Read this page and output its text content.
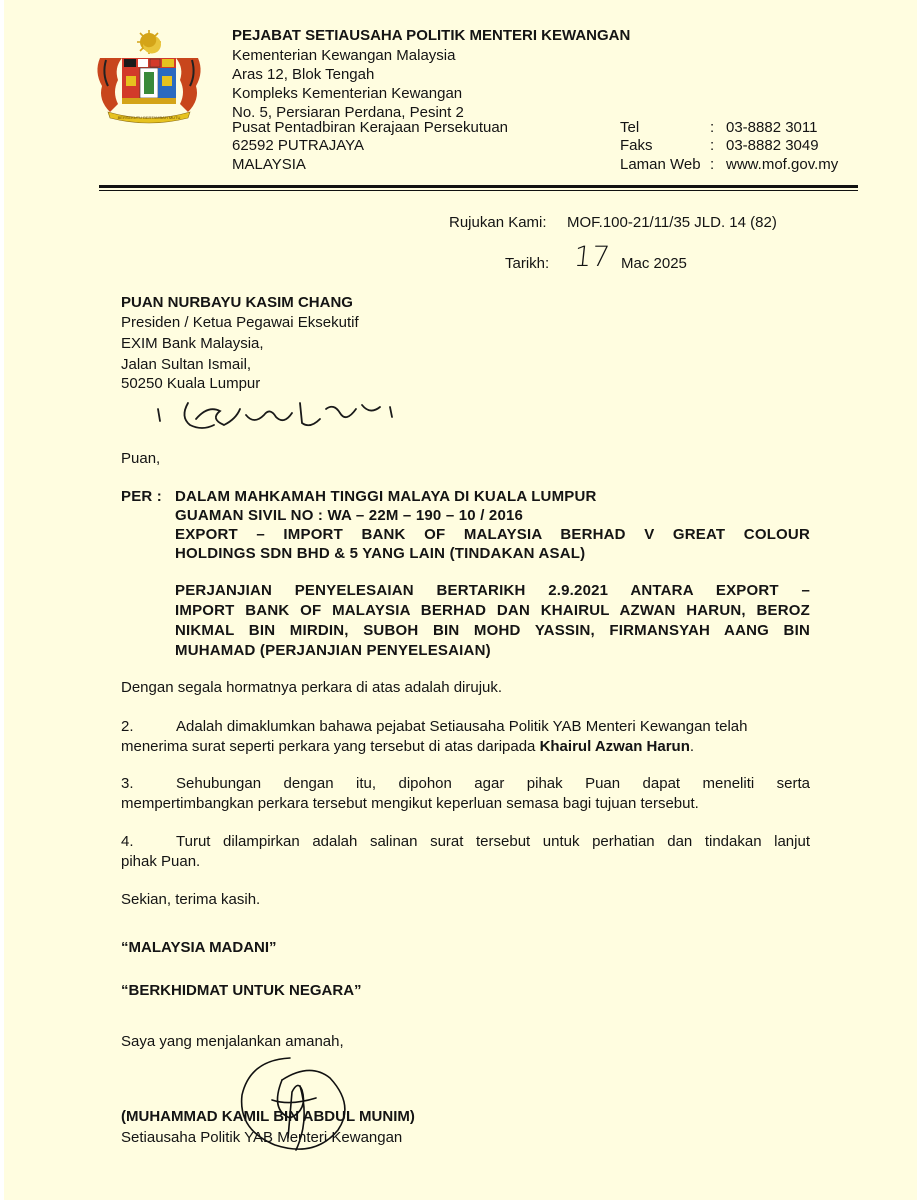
BERSEKUTU BERTAMBAH MUTU
PEJABAT SETIAUSAHA POLITIK MENTERI KEWANGAN
Kementerian Kewangan Malaysia
Aras 12, Blok Tengah
Kompleks Kementerian Kewangan
No. 5, Persiaran Perdana, Pesint 2
Pusat Pentadbiran Kerajaan Persekutuan
62592 PUTRAJAYA
MALAYSIA
Tel	: 03-8882 3011
Faks	: 03-8882 3049
Laman Web : www.mof.gov.my
Rujukan Kami: MOF.100-21/11/35 JLD. 14 (82)
Tarikh: 17 Mac 2025
PUAN NURBAYU KASIM CHANG
Presiden / Ketua Pegawai Eksekutif
EXIM Bank Malaysia,
Jalan Sultan Ismail,
50250 Kuala Lumpur
Puan,
PER : DALAM MAHKAMAH TINGGI MALAYA DI KUALA LUMPUR
GUAMAN SIVIL NO : WA – 22M – 190 – 10 / 2016
EXPORT – IMPORT BANK OF MALAYSIA BERHAD V GREAT COLOUR
HOLDINGS SDN BHD & 5 YANG LAIN (TINDAKAN ASAL)
PERJANJIAN PENYELESAIAN BERTARIKH 2.9.2021 ANTARA EXPORT –
IMPORT BANK OF MALAYSIA BERHAD DAN KHAIRUL AZWAN HARUN, BEROZ
NIKMAL BIN MIRDIN, SUBOH BIN MOHD YASSIN, FIRMANSYAH AANG BIN
MUHAMAD (PERJANJIAN PENYELESAIAN)
Dengan segala hormatnya perkara di atas adalah dirujuk.
2.	Adalah dimaklumkan bahawa pejabat Setiausaha Politik YAB Menteri Kewangan telah
menerima surat seperti perkara yang tersebut di atas daripada Khairul Azwan Harun.
3.	Sehubungan dengan itu, dipohon agar pihak Puan dapat meneliti serta
mempertimbangkan perkara tersebut mengikut keperluan semasa bagi tujuan tersebut.
4.	Turut dilampirkan adalah salinan surat tersebut untuk perhatian dan tindakan lanjut
pihak Puan.
Sekian, terima kasih.
“MALAYSIA MADANI”
“BERKHIDMAT UNTUK NEGARA”
Saya yang menjalankan amanah,
(MUHAMMAD KAMIL BIN ABDUL MUNIM)
Setiausaha Politik YAB Menteri Kewangan
